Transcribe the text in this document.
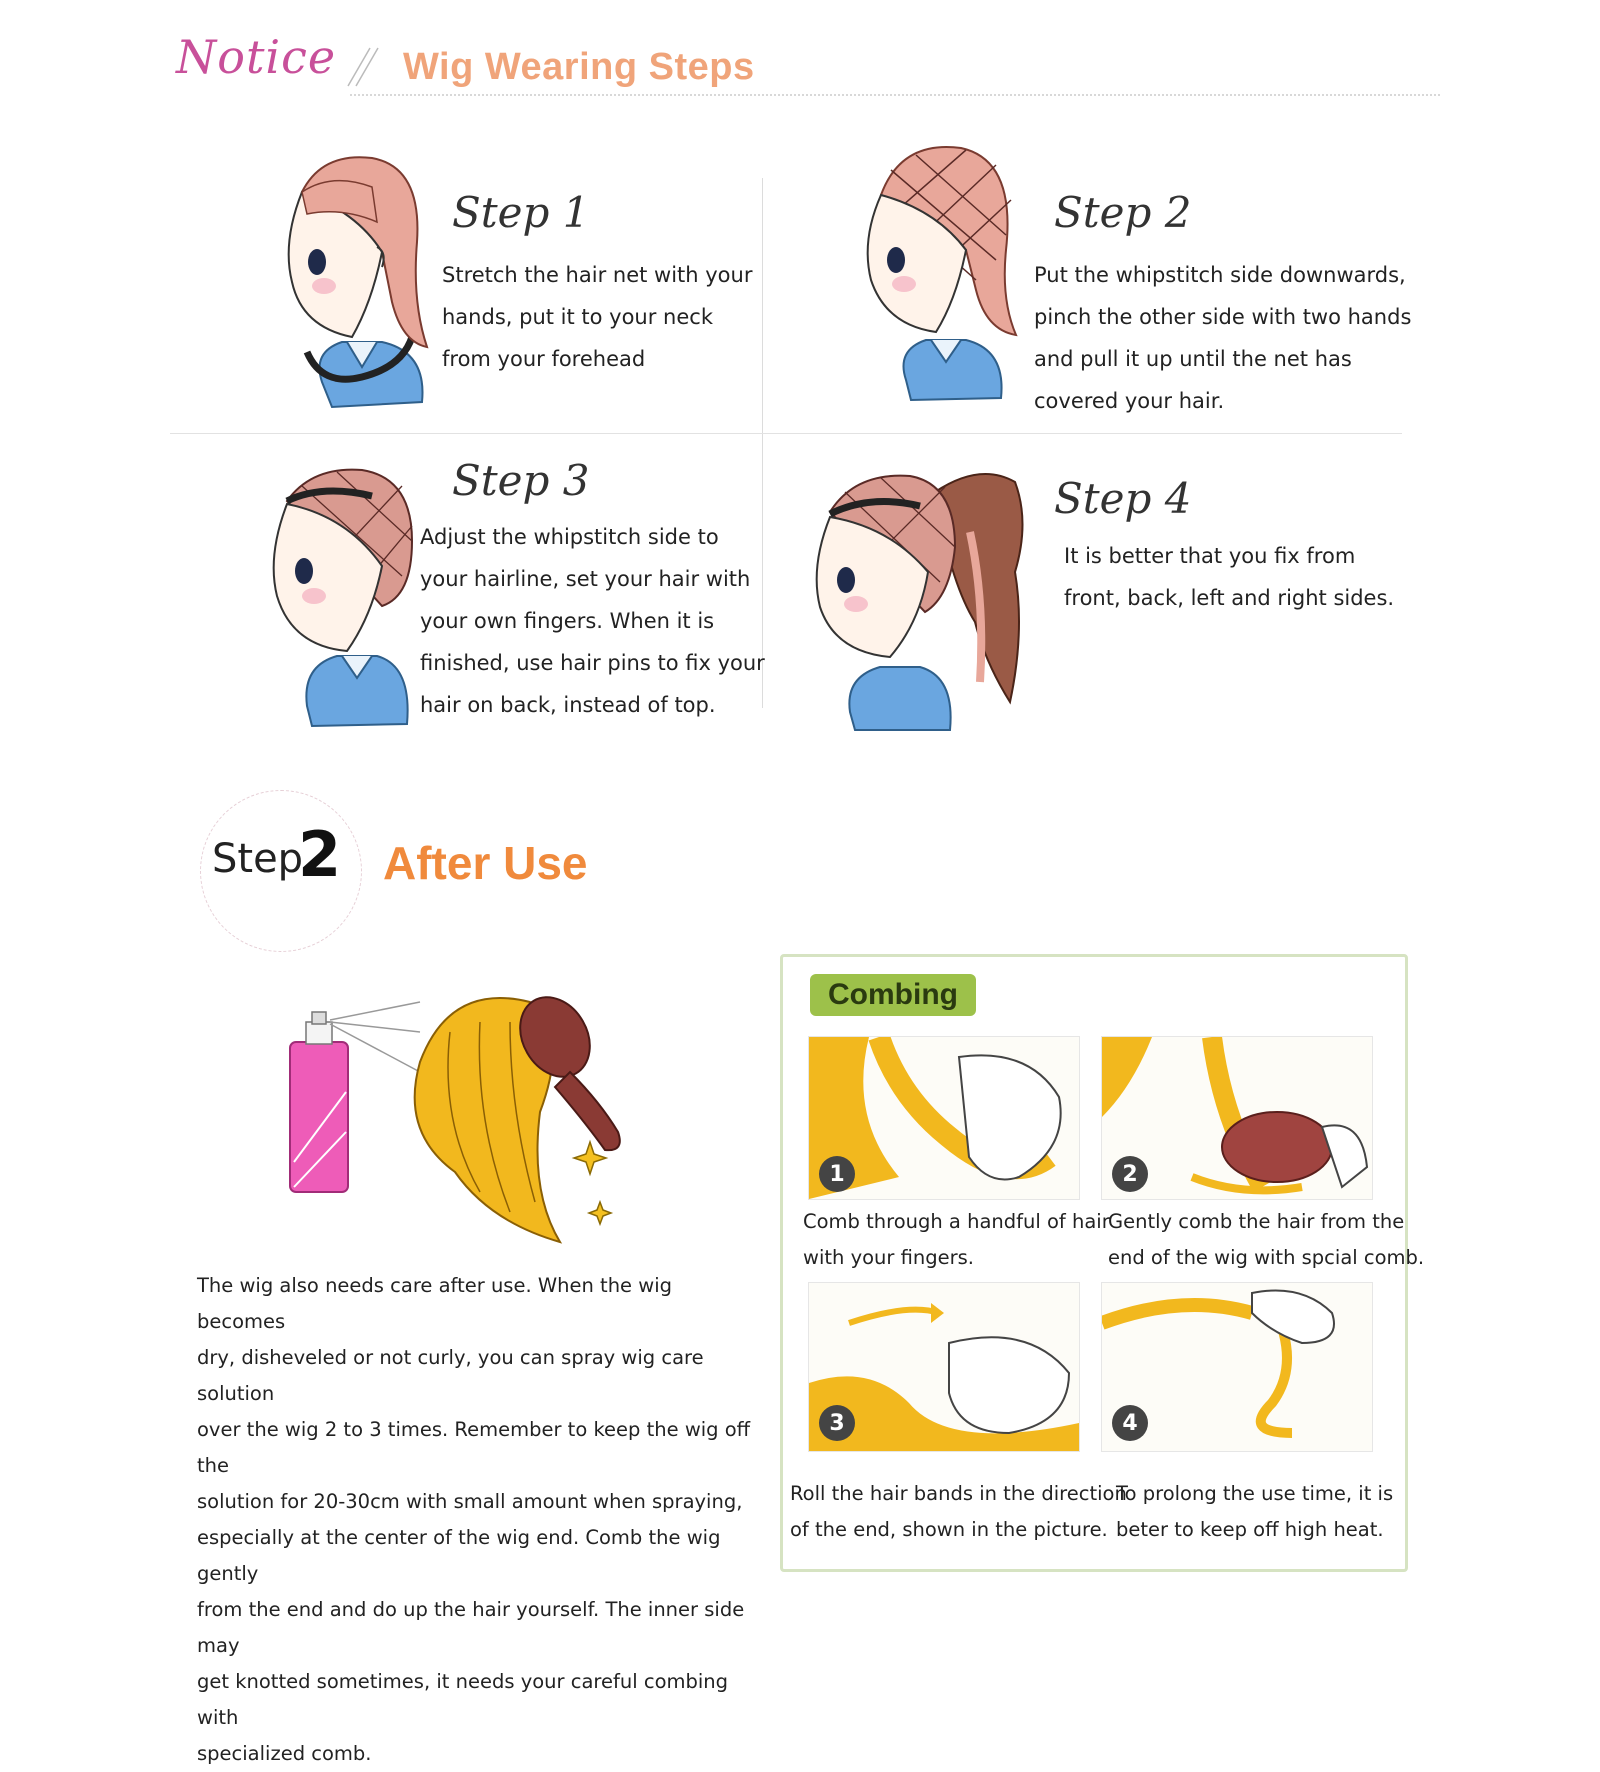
Notice Wig Wearing Steps
Step 1
Stretch the hair net with your
hands, put it to your neck
from your forehead
Step 2
Put the whipstitch side downwards,
pinch the other side with two hands
and pull it up until the net has
covered your hair.
Step 3
Adjust the whipstitch side to
your hairline, set your hair with
your own fingers. When it is
finished, use hair pins to fix your
hair on back, instead of top.
Step 4
It is better that you fix from
front, back, left and right sides.
Step
2 After Use
The wig also needs care after use. When the wig becomes
dry, disheveled or not curly, you can spray wig care solution
over the wig 2 to 3 times. Remember to keep the wig off the
solution for 20-30cm with small amount when spraying,
especially at the center of the wig end. Comb the wig gently
from the end and do up the hair yourself. The inner side may
get knotted sometimes, it needs your careful combing with
specialized comb.
Combing
1
Comb through a handful of hair
with your fingers.
2
Gently comb the hair from the
end of the wig with spcial comb.
3
Roll the hair bands in the direction
of the end, shown in the picture.
4
To prolong the use time, it is
beter to keep off high heat.
